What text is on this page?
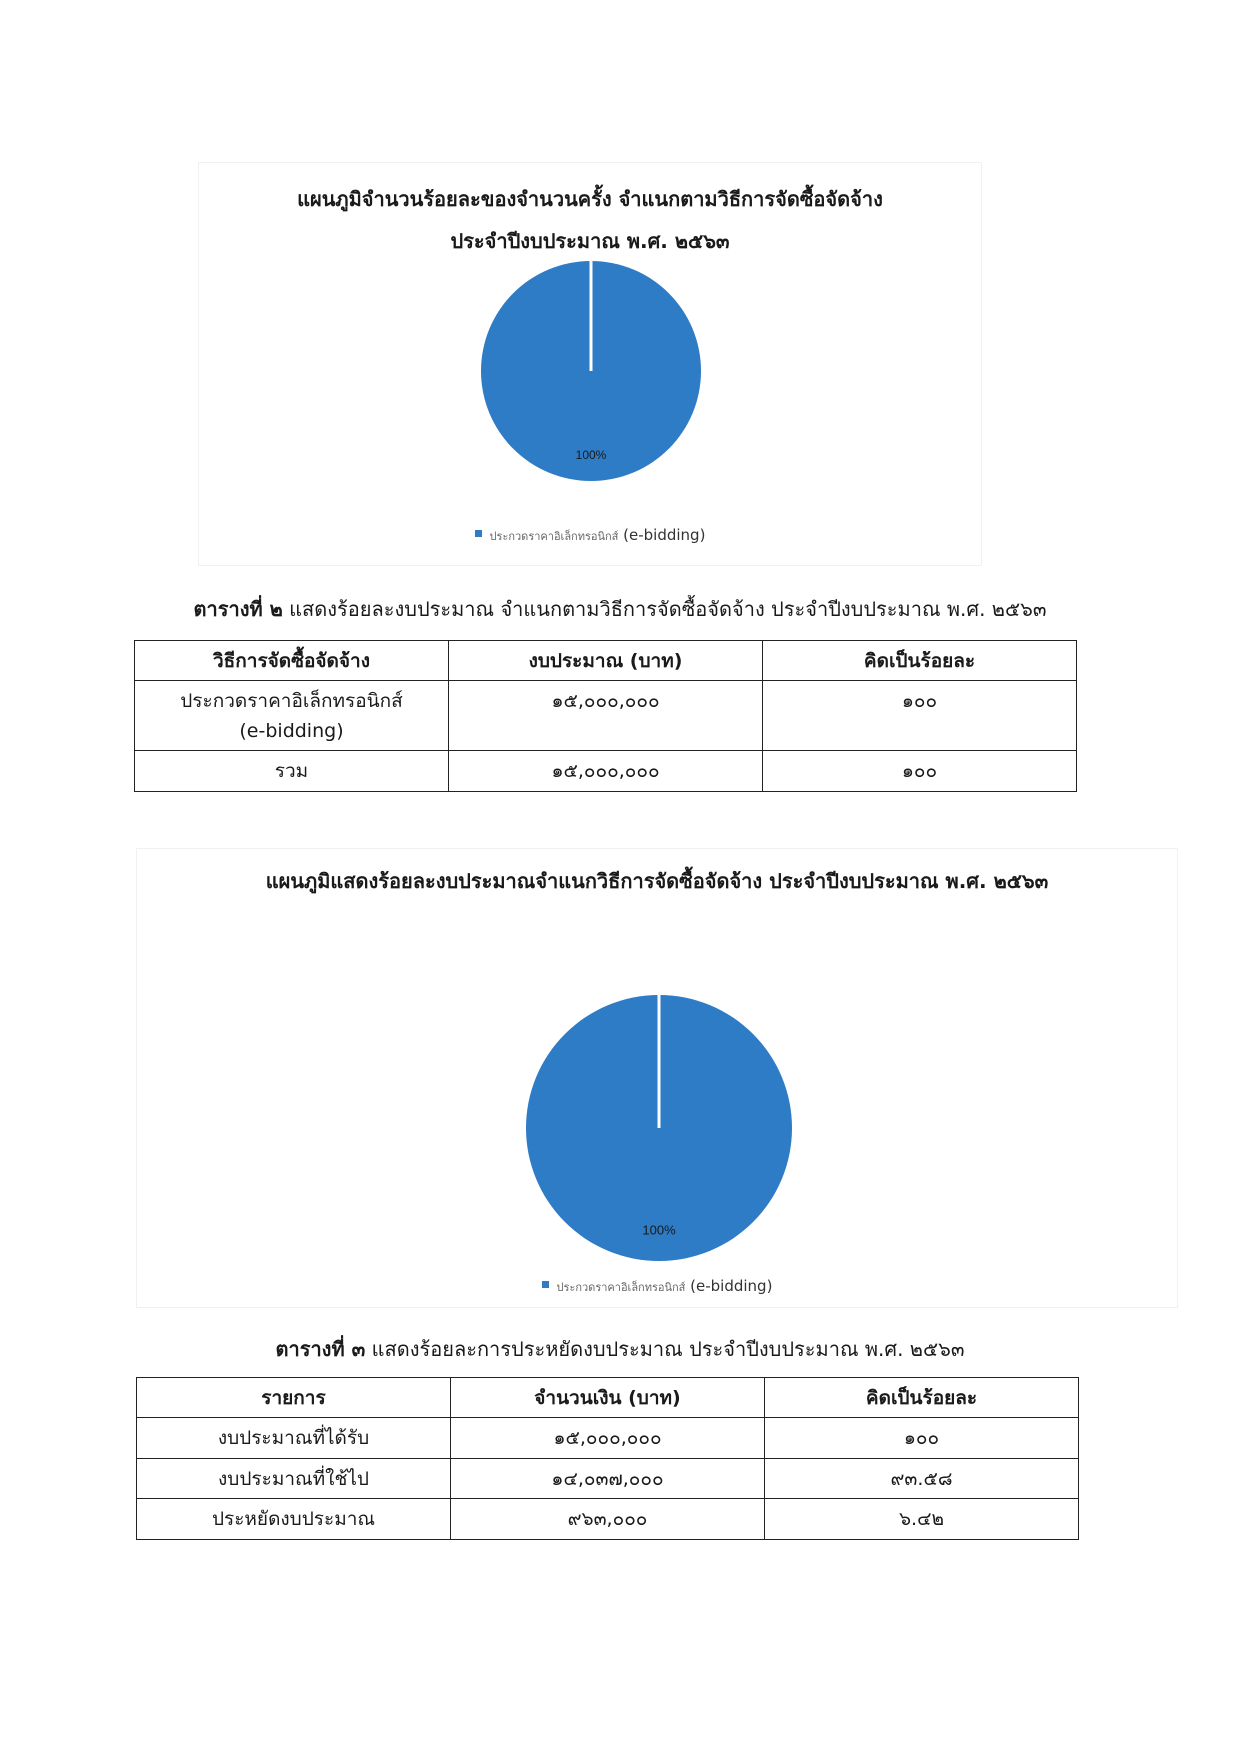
แผนภูมิจำนวนร้อยละของจำนวนครั้ง จำแนกตามวิธีการจัดซื้อจัดจ้าง
ประจำปีงบประมาณ พ.ศ. ๒๕๖๓
100%
ประกวดราคาอิเล็กทรอนิกส์ (e-bidding)
ตารางที่ ๒ แสดงร้อยละงบประมาณ จำแนกตามวิธีการจัดซื้อจัดจ้าง ประจำปีงบประมาณ พ.ศ. ๒๕๖๓
วิธีการจัดซื้อจัดจ้าง	งบประมาณ (บาท)	คิดเป็นร้อยละ

ประกวดราคาอิเล็กทรอนิกส์
(e-bidding)	๑๕,๐๐๐,๐๐๐	๑๐๐
รวม	๑๕,๐๐๐,๐๐๐	๑๐๐
แผนภูมิแสดงร้อยละงบประมาณจำแนกวิธีการจัดซื้อจัดจ้าง ประจำปีงบประมาณ พ.ศ. ๒๕๖๓
100%
ประกวดราคาอิเล็กทรอนิกส์ (e-bidding)
ตารางที่ ๓ แสดงร้อยละการประหยัดงบประมาณ ประจำปีงบประมาณ พ.ศ. ๒๕๖๓
รายการ	จำนวนเงิน (บาท)	คิดเป็นร้อยละ
งบประมาณที่ได้รับ	๑๕,๐๐๐,๐๐๐	๑๐๐
งบประมาณที่ใช้ไป	๑๔,๐๓๗,๐๐๐	๙๓.๕๘
ประหยัดงบประมาณ	๙๖๓,๐๐๐	๖.๔๒
